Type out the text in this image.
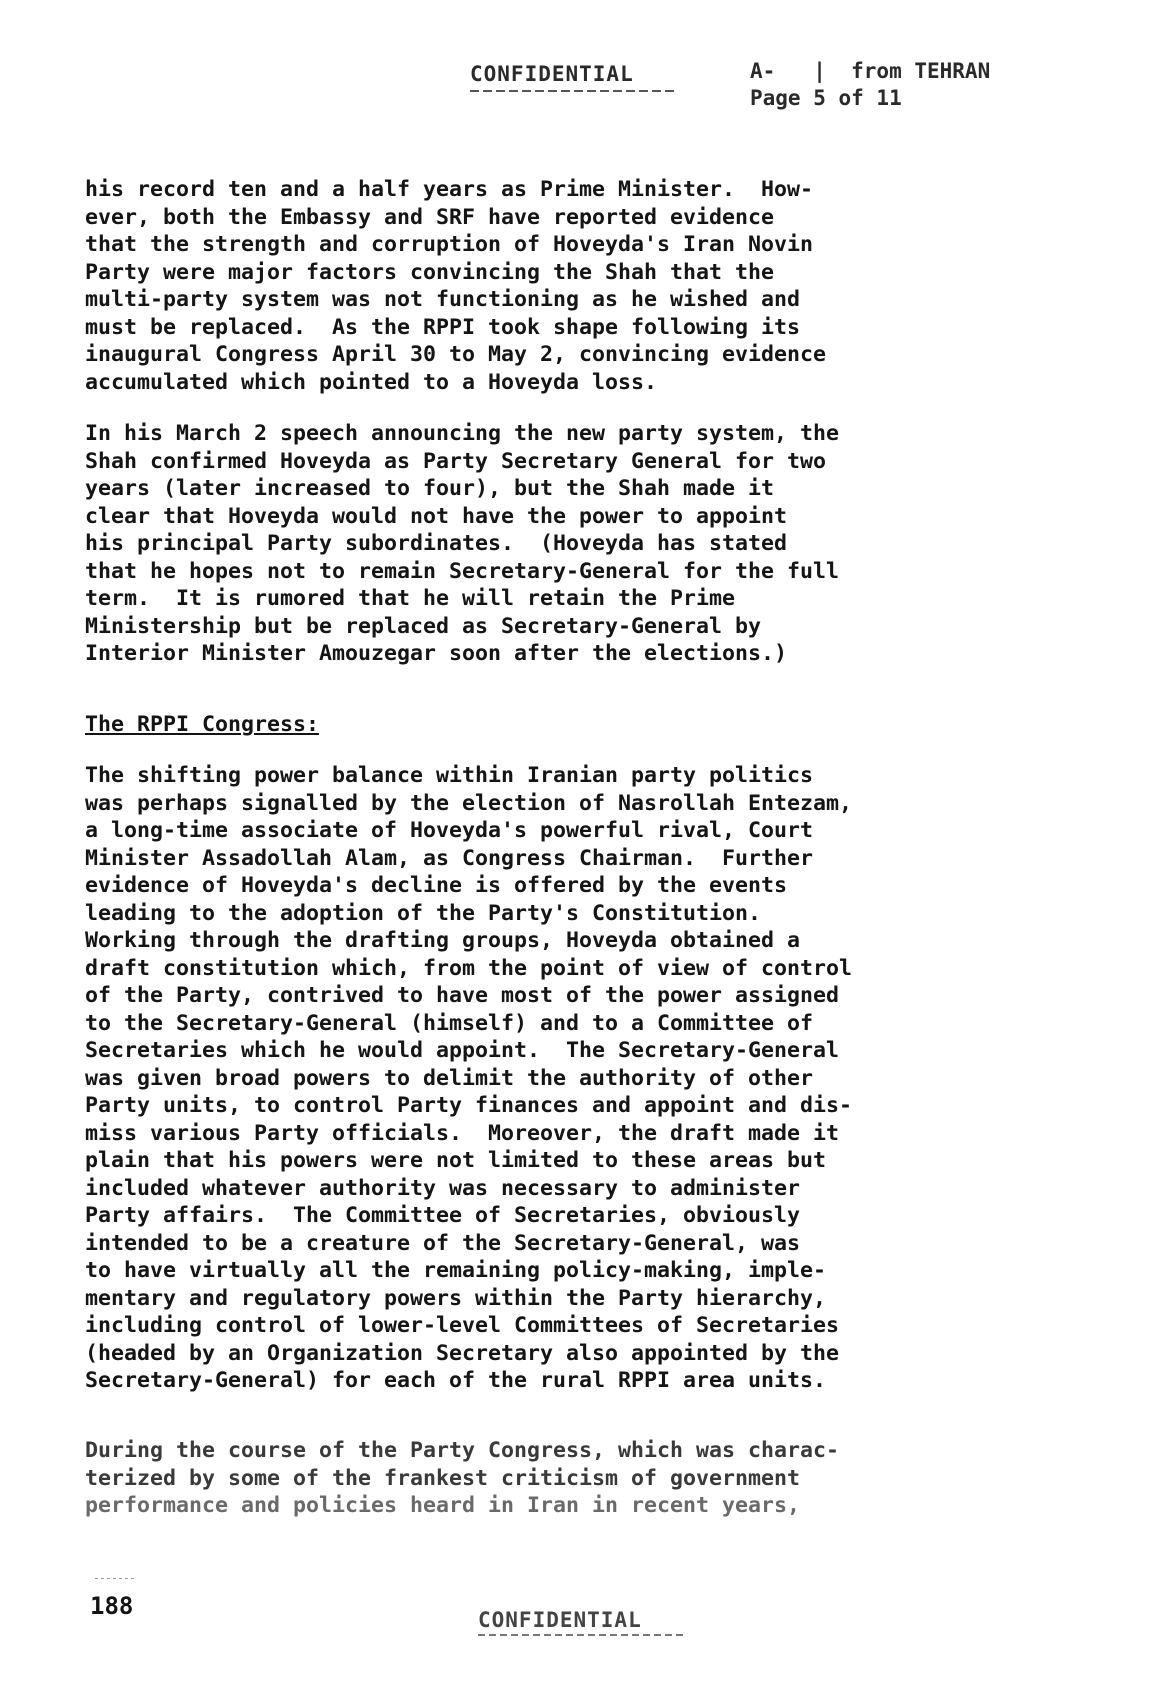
CONFIDENTIAL	A-   |  from TEHRAN
Page 5 of 11

his record ten and a half years as Prime Minister.  How-
ever, both the Embassy and SRF have reported evidence
that the strength and corruption of Hoveyda's Iran Novin
Party were major factors convincing the Shah that the
multi-party system was not functioning as he wished and
must be replaced.  As the RPPI took shape following its
inaugural Congress April 30 to May 2, convincing evidence
accumulated which pointed to a Hoveyda loss.

In his March 2 speech announcing the new party system, the
Shah confirmed Hoveyda as Party Secretary General for two
years (later increased to four), but the Shah made it
clear that Hoveyda would not have the power to appoint
his principal Party subordinates.  (Hoveyda has stated
that he hopes not to remain Secretary-General for the full
term.  It is rumored that he will retain the Prime
Ministership but be replaced as Secretary-General by
Interior Minister Amouzegar soon after the elections.)

The RPPI Congress:

The shifting power balance within Iranian party politics
was perhaps signalled by the election of Nasrollah Entezam,
a long-time associate of Hoveyda's powerful rival, Court
Minister Assadollah Alam, as Congress Chairman.  Further
evidence of Hoveyda's decline is offered by the events
leading to the adoption of the Party's Constitution.
Working through the drafting groups, Hoveyda obtained a
draft constitution which, from the point of view of control
of the Party, contrived to have most of the power assigned
to the Secretary-General (himself) and to a Committee of
Secretaries which he would appoint.  The Secretary-General
was given broad powers to delimit the authority of other
Party units, to control Party finances and appoint and dis-
miss various Party officials.  Moreover, the draft made it
plain that his powers were not limited to these areas but
included whatever authority was necessary to administer
Party affairs.  The Committee of Secretaries, obviously
intended to be a creature of the Secretary-General, was
to have virtually all the remaining policy-making, imple-
mentary and regulatory powers within the Party hierarchy,
including control of lower-level Committees of Secretaries
(headed by an Organization Secretary also appointed by the
Secretary-General) for each of the rural RPPI area units.

During the course of the Party Congress, which was charac-
terized by some of the frankest criticism of government
performance and policies heard in Iran in recent years,

188	CONFIDENTIAL
